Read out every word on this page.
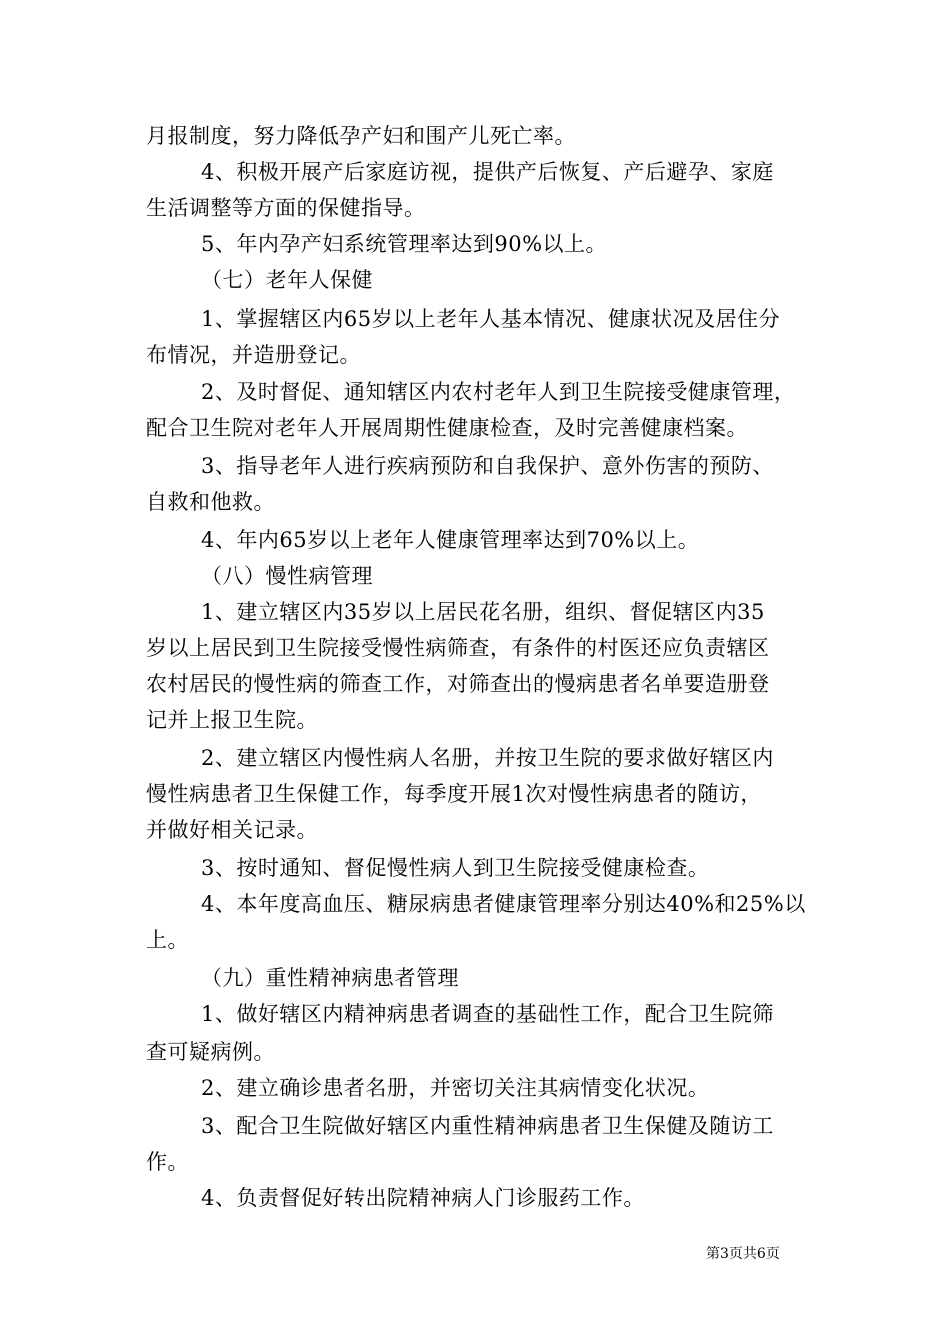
月报制度，努力降低孕产妇和围产儿死亡率。
4、积极开展产后家庭访视，提供产后恢复、产后避孕、家庭
生活调整等方面的保健指导。
5、年内孕产妇系统管理率达到90%以上。
（七）老年人保健
1、掌握辖区内65岁以上老年人基本情况、健康状况及居住分
布情况，并造册登记。
2、及时督促、通知辖区内农村老年人到卫生院接受健康管理，
配合卫生院对老年人开展周期性健康检查，及时完善健康档案。
3、指导老年人进行疾病预防和自我保护、意外伤害的预防、
自救和他救。
4、年内65岁以上老年人健康管理率达到70%以上。
（八）慢性病管理
1、建立辖区内35岁以上居民花名册，组织、督促辖区内35
岁以上居民到卫生院接受慢性病筛查，有条件的村医还应负责辖区
农村居民的慢性病的筛查工作，对筛查出的慢病患者名单要造册登
记并上报卫生院。
2、建立辖区内慢性病人名册，并按卫生院的要求做好辖区内
慢性病患者卫生保健工作，每季度开展1次对慢性病患者的随访，
并做好相关记录。
3、按时通知、督促慢性病人到卫生院接受健康检查。
4、本年度高血压、糖尿病患者健康管理率分别达40%和25%以
上。
（九）重性精神病患者管理
1、做好辖区内精神病患者调查的基础性工作，配合卫生院筛
查可疑病例。
2、建立确诊患者名册，并密切关注其病情变化状况。
3、配合卫生院做好辖区内重性精神病患者卫生保健及随访工
作。
4、负责督促好转出院精神病人门诊服药工作。
第3页共6页
